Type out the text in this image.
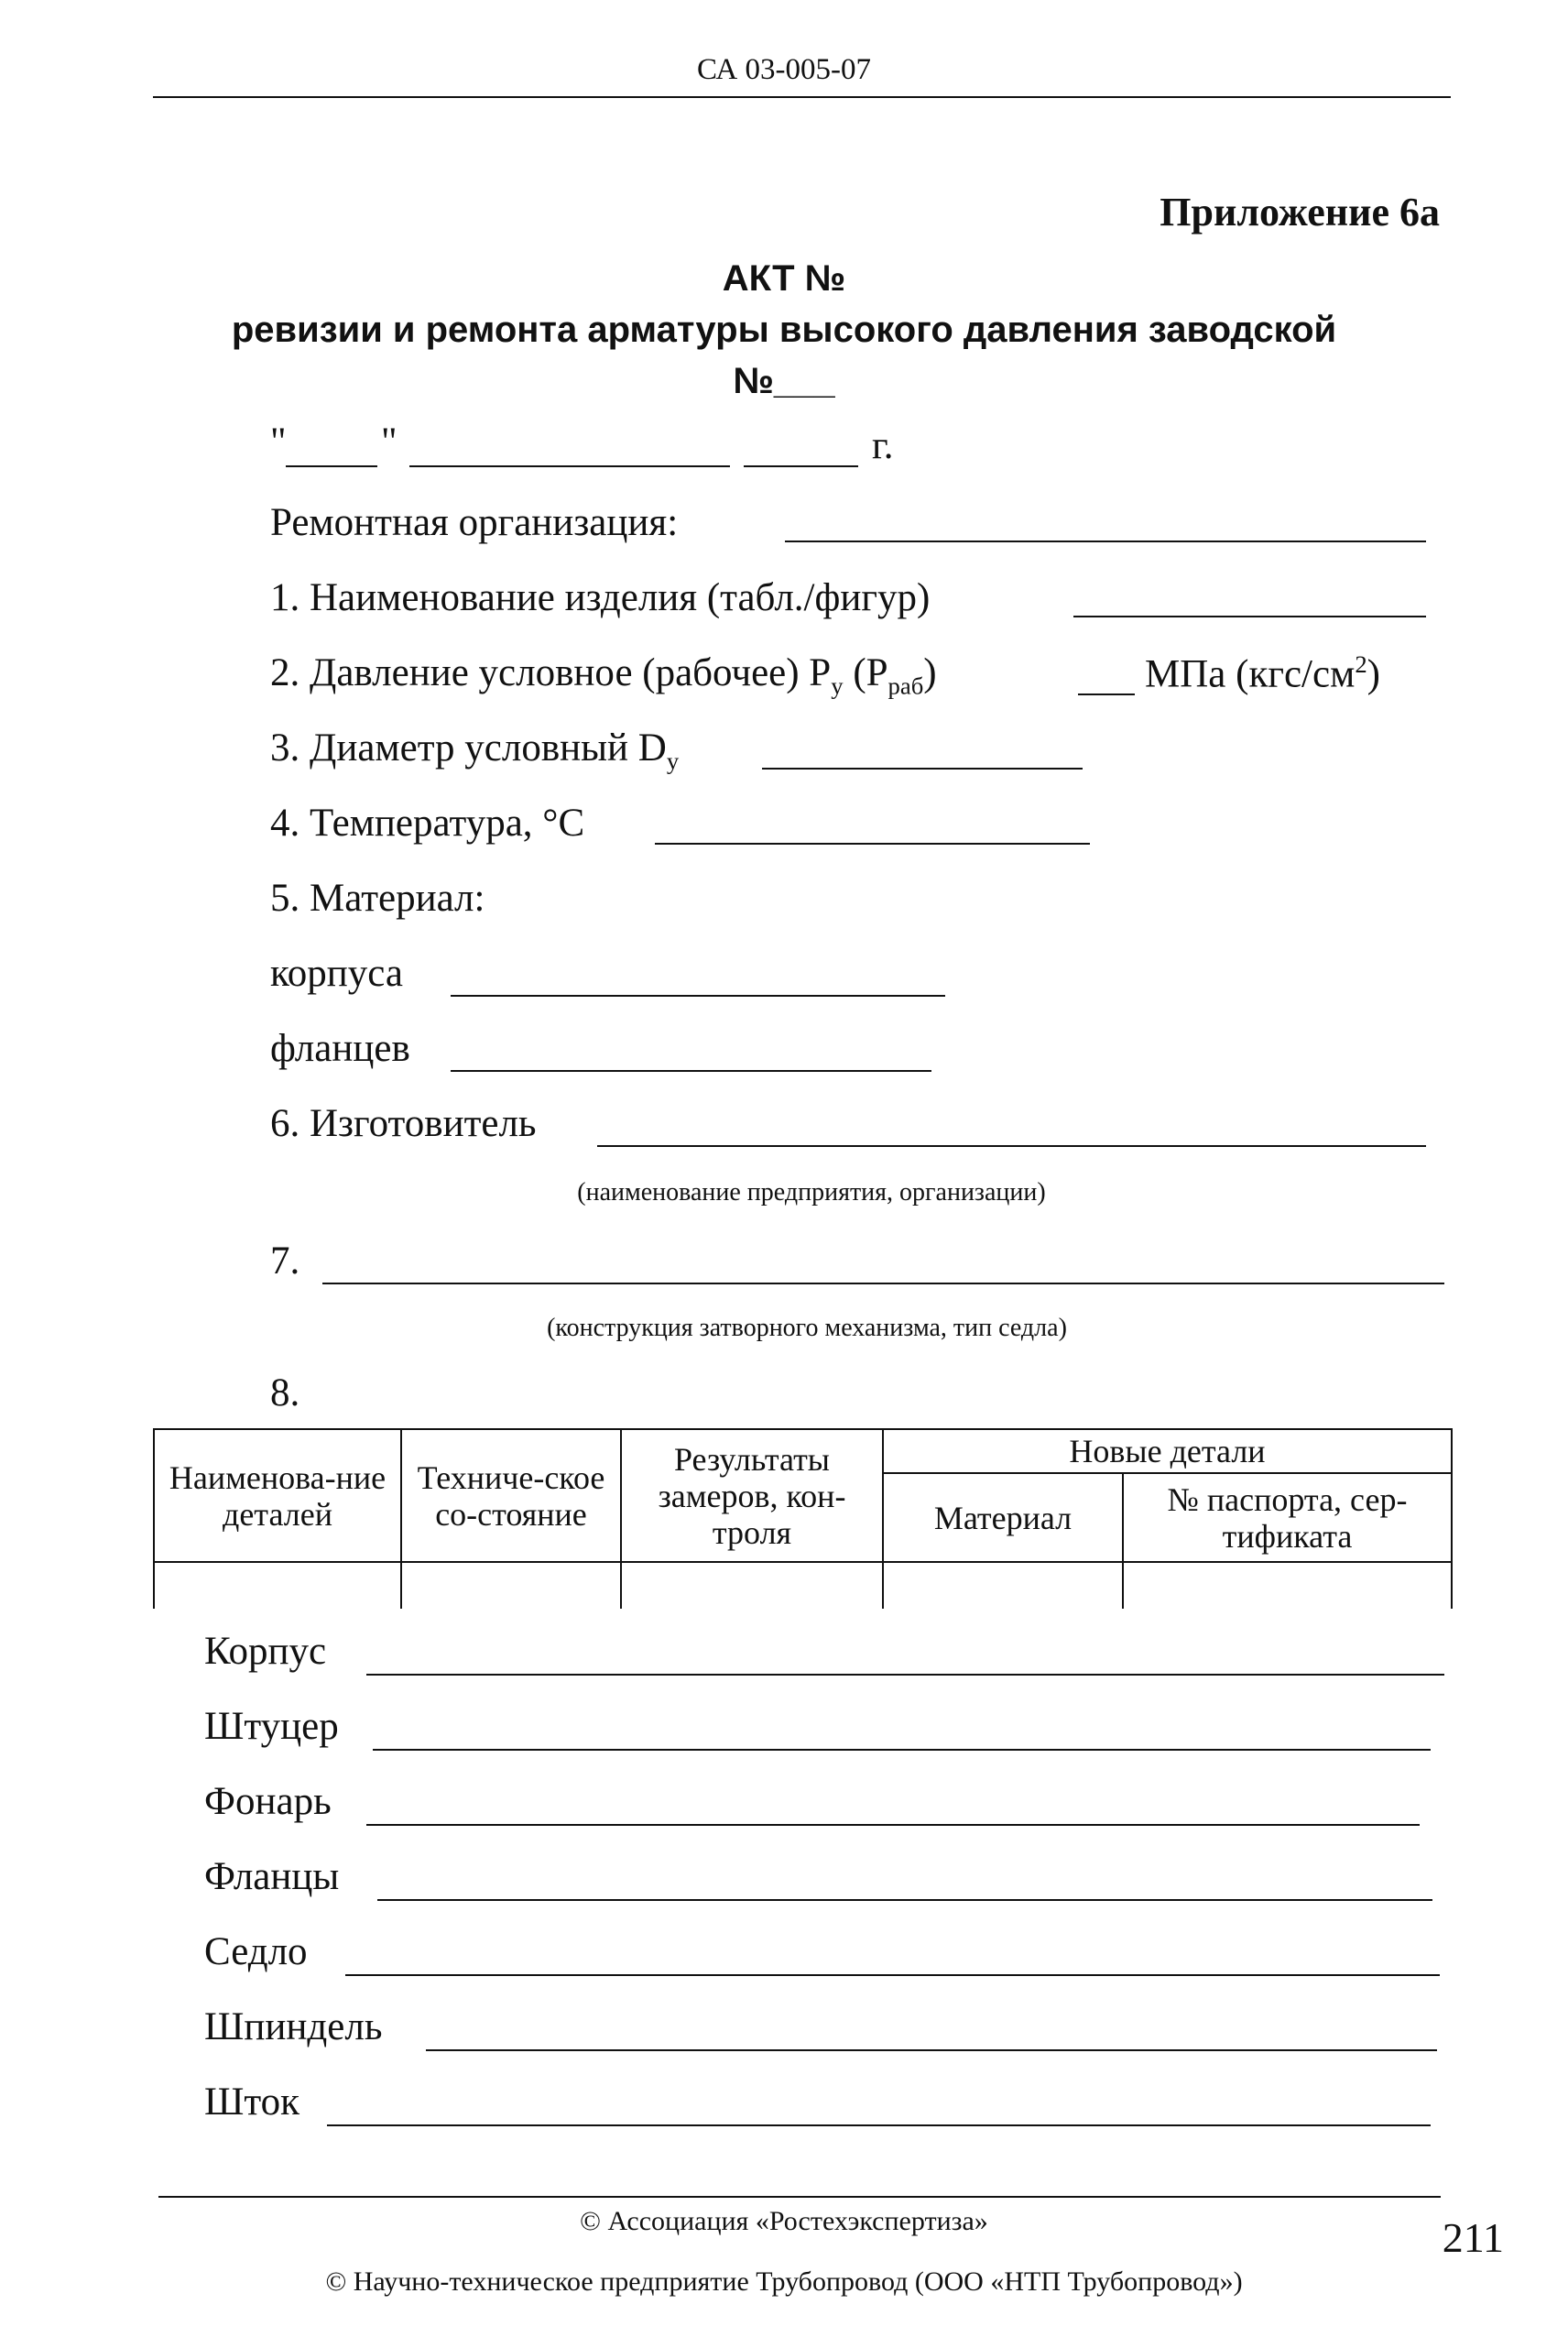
СА 03-005-07
Приложение 6а
АКТ №
ревизии и ремонта арматуры высокого давления заводской
№___
" "	г.
Ремонтная организация:
1. Наименование изделия (табл./фигур)
2. Давление условное (рабочее) $P_у$ $(P_{раб})$	МПа $(кгс/см^2)$
3. Диаметр условный $D_у$
4. Температура, °С
5. Материал:
корпуса
фланцев
6. Изготовитель
(наименование предприятия, организации)
7.
(конструкция затворного механизма, тип седла)
8.
Наименова-ние деталей	Техниче-ское со-стояние	Результаты замеров, кон-троля	Новые детали	
			Материал	№ паспорта, сер-тификата

Корпус
Штуцер
Фонарь
Фланцы
Седло
Шпиндель
Шток
© Ассоциация «Ростехэкспертиза»
© Научно-техническое предприятие Трубопровод (ООО «НТП Трубопровод»)
211
